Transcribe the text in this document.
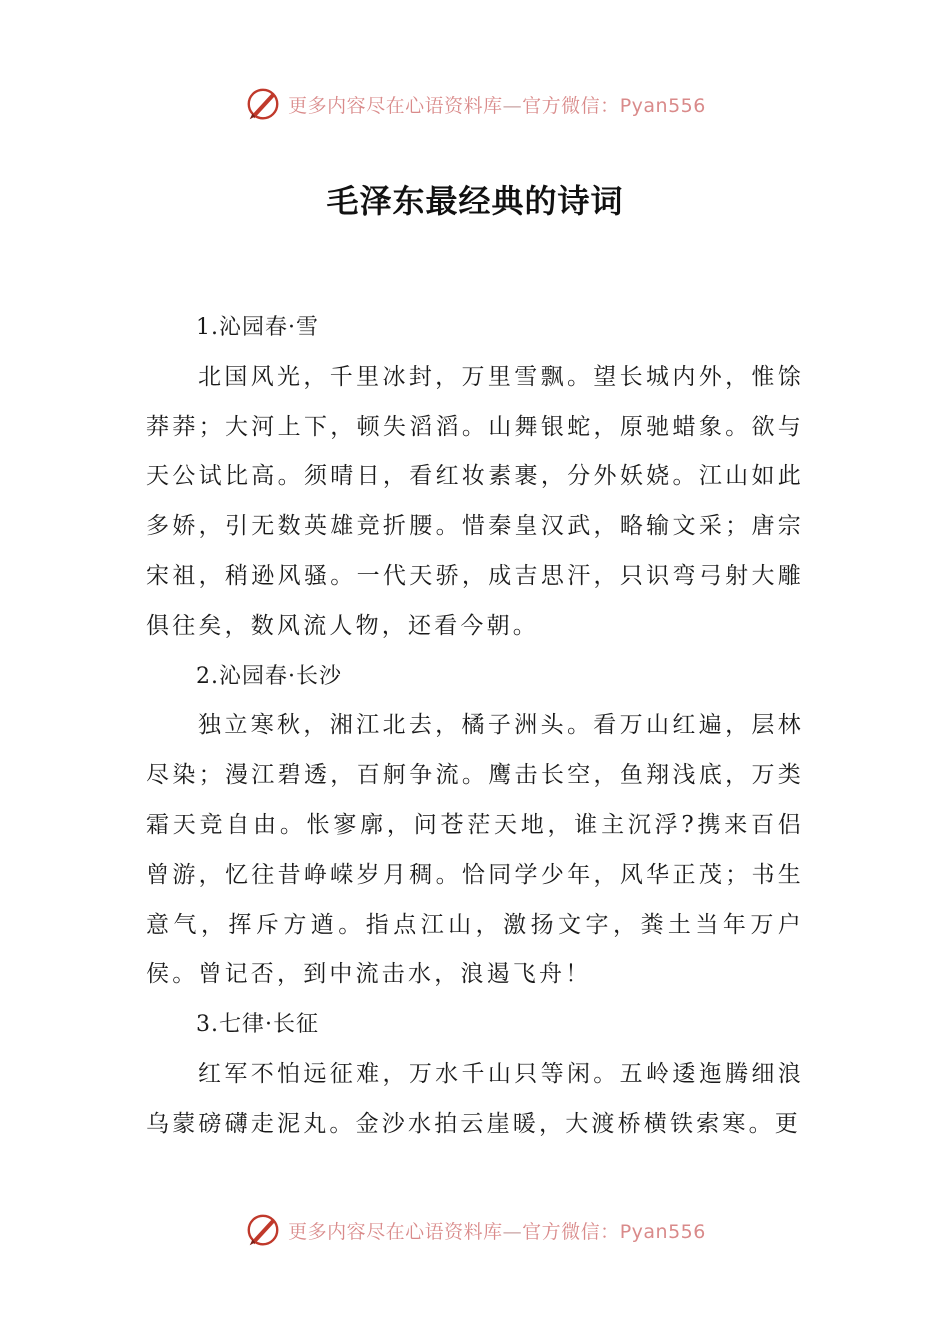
更多内容尽在心语资料库—官方微信：Pyan556
毛泽东最经典的诗词
1.沁园春·雪

北国风光，千里冰封，万里雪飘。望长城内外，惟馀莽莽；大河上下，顿失滔滔。山舞银蛇，原驰蜡象。欲与天公试比高。须晴日，看红妆素裹，分外妖娆。江山如此多娇，引无数英雄竞折腰。惜秦皇汉武，略输文采；唐宗宋祖，稍逊风骚。一代天骄，成吉思汗，只识弯弓射大雕俱往矣，数风流人物，还看今朝。

2.沁园春·长沙

独立寒秋，湘江北去，橘子洲头。看万山红遍，层林尽染；漫江碧透，百舸争流。鹰击长空，鱼翔浅底，万类霜天竞自由。怅寥廓，问苍茫天地，谁主沉浮?携来百侣曾游，忆往昔峥嵘岁月稠。恰同学少年，风华正茂；书生意气，挥斥方遒。指点江山，激扬文字，粪土当年万户侯。曾记否，到中流击水，浪遏飞舟！

3.七律·长征

红军不怕远征难，万水千山只等闲。五岭逶迤腾细浪乌蒙磅礴走泥丸。金沙水拍云崖暖，大渡桥横铁索寒。更

更多内容尽在心语资料库—官方微信：Pyan556
